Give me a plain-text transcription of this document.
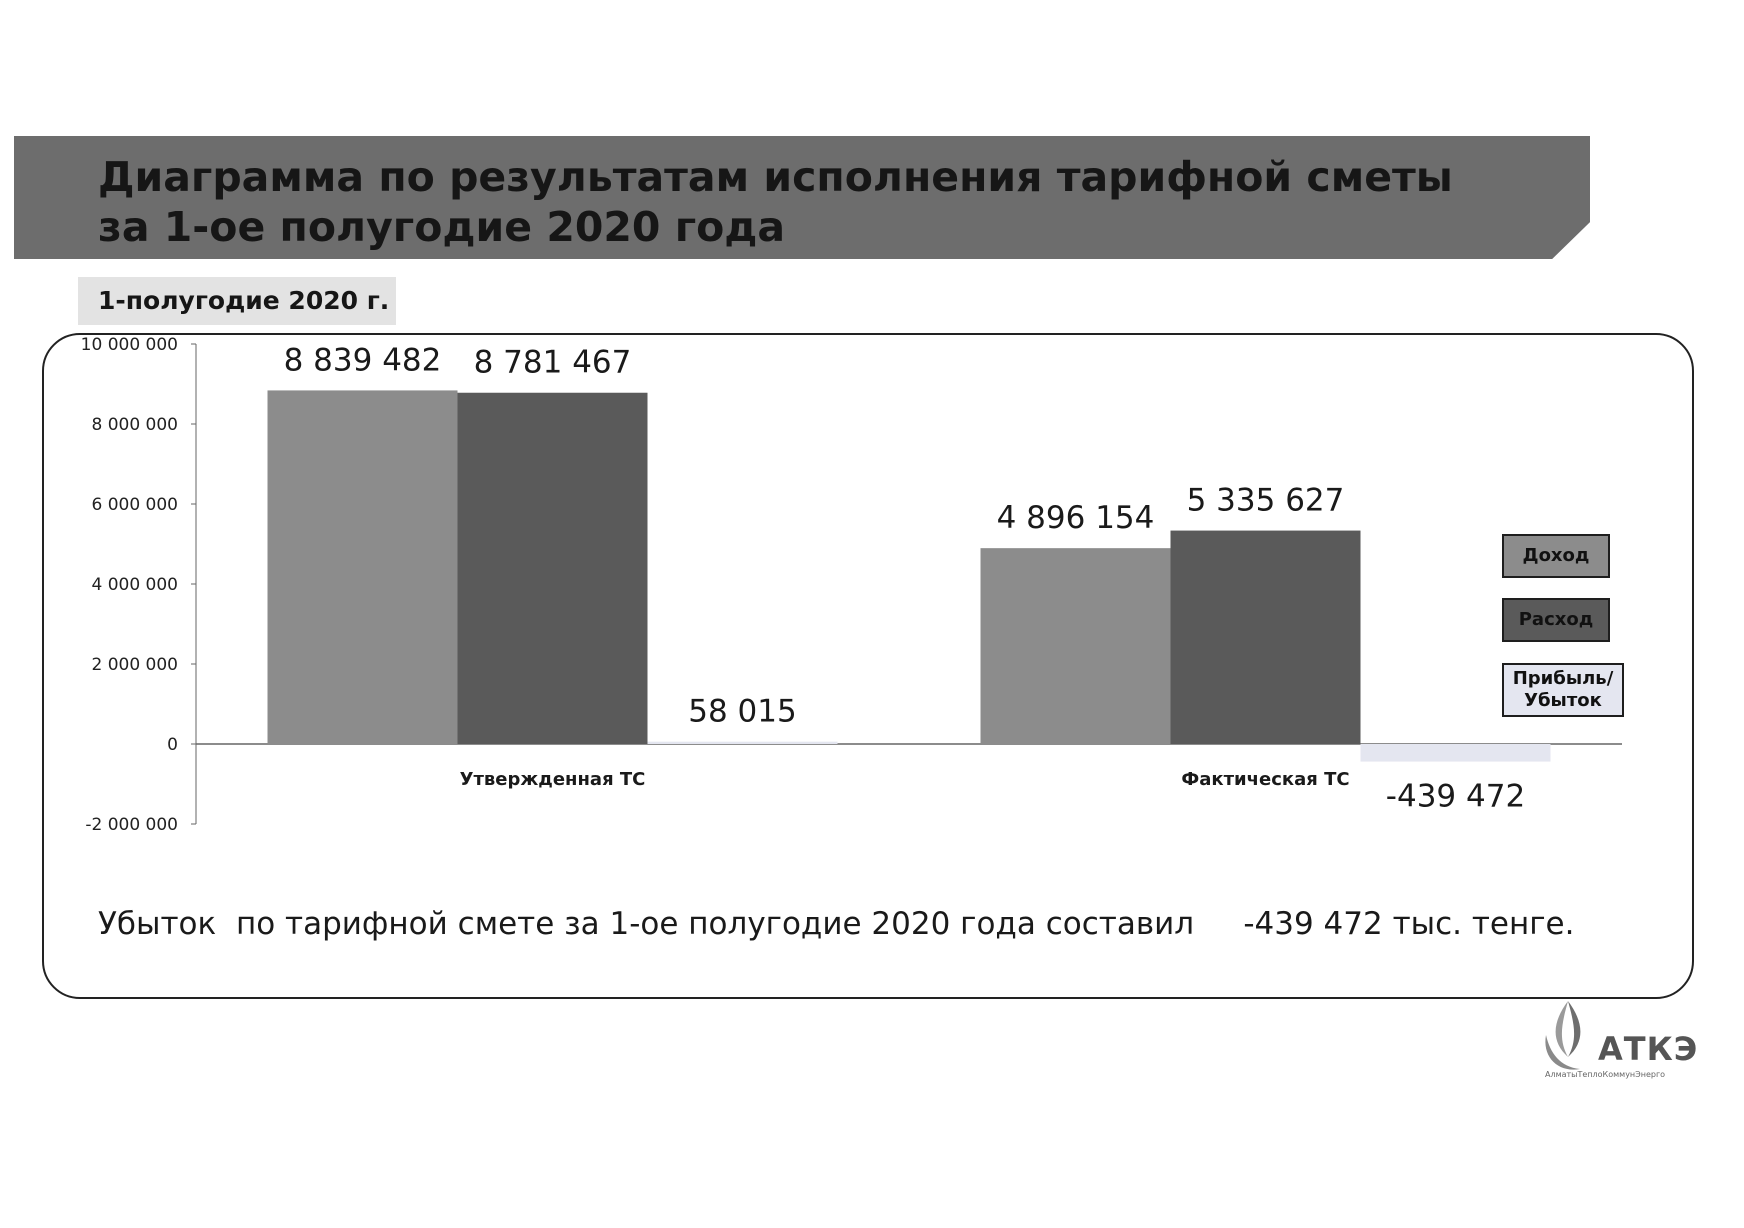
Диаграмма по результатам исполнения тарифной сметы за 1-ое полугодие 2020 года
1-полугодие 2020 г.
-2 000 000
0
2 000 000
4 000 000
6 000 000
8 000 000
10 000 000
Утвержденная ТС
8 839 482 8 781 467
58 015
Фактическая ТС
4 896 154 5 335 627
-439 472
Доход
Расход
Прибыль/
Убыток
Убыток  по тарифной смете за 1-ое полугодие 2020 года составил -439 472 тыс. тенге.
АТКЭ
АлматыТеплоКоммунЭнерго
